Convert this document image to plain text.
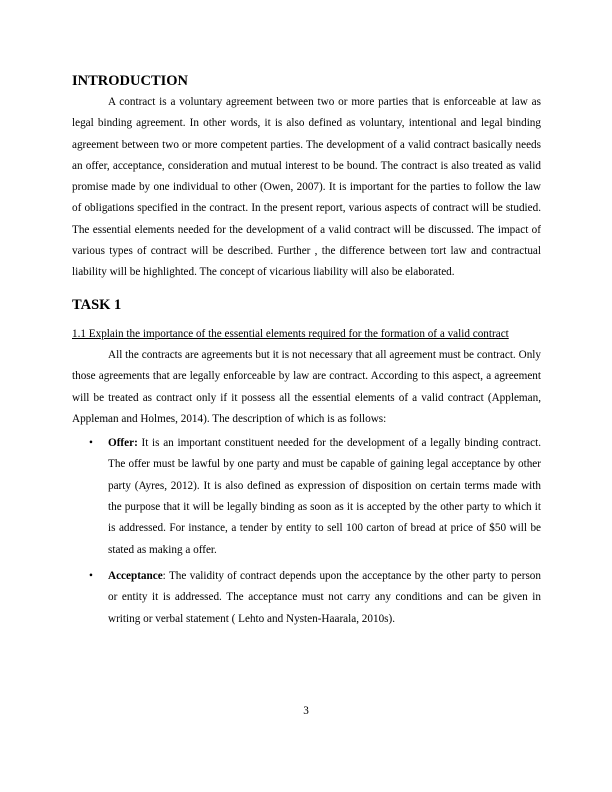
INTRODUCTION

A contract is a voluntary agreement between two or more parties that is enforceable at law as legal binding agreement. In other words, it is also defined as voluntary, intentional and legal binding agreement between two or more competent parties. The development of a valid contract basically needs an offer, acceptance, consideration and mutual interest to be bound. The contract is also treated as valid promise made by one individual to other (Owen, 2007). It is important for the parties to follow the law of obligations specified in the contract. In the present report, various aspects of contract will be studied. The essential elements needed for the development of a valid contract will be discussed. The impact of various types of contract will be described. Further , the difference between tort law and contractual liability will be highlighted. The concept of vicarious liability will also be elaborated.

TASK 1

1.1 Explain the importance of the essential elements required for the formation of a valid contract

All the contracts are agreements but it is not necessary that all agreement must be contract. Only those agreements that are legally enforceable by law are contract. According to this aspect, a agreement will be treated as contract only if it possess all the essential elements of a valid contract (Appleman, Appleman and Holmes, 2014). The description of which is as follows:

• Offer: It is an important constituent needed for the development of a legally binding contract. The offer must be lawful by one party and must be capable of gaining legal acceptance by other party (Ayres, 2012). It is also defined as expression of disposition on certain terms made with the purpose that it will be legally binding as soon as it is accepted by the other party to which it is addressed. For instance, a tender by entity to sell 100 carton of bread at price of $50 will be stated as making a offer.
• Acceptance: The validity of contract depends upon the acceptance by the other party to person or entity it is addressed. The acceptance must not carry any conditions and can be given in writing or verbal statement ( Lehto and Nysten-Haarala, 2010s).
3
